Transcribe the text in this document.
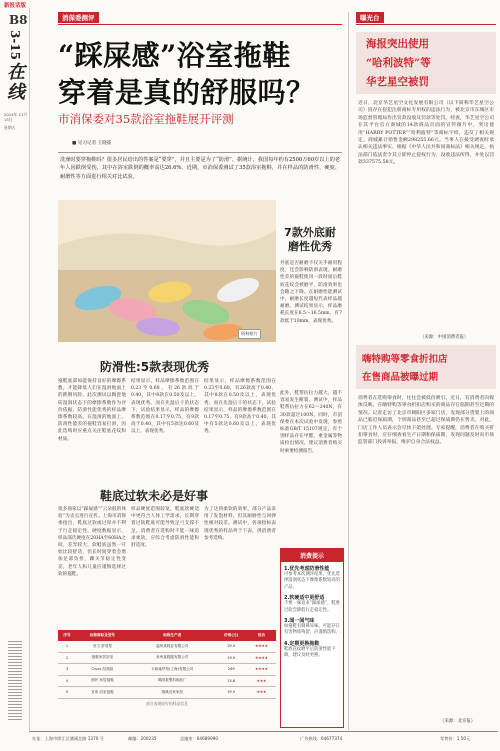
新报话版
B8
3-15
在线
2024年 11月15日
星期五
消保委测评
“踩屎感”浴室拖鞋
穿着是真的舒服吗？
市消保委对35款浴室拖鞋展开评测
■ 见习记者 王晓筱
洗澡时要穿拖鞋吗？很多居民给出的答案是“要穿”，并且主要是为了“防滑”。据统计，我国每年约有2500万60岁以上的老年人因跌倒受伤，其中在浴室跌倒的概率高达26.6%。近期，市消保委测试了35款浴室拖鞋，并在样品的防滑性、硬度、耐磨性等方面进行相关对比试验。
资料照片
防滑性:5款表现优秀
7款外底耐磨性优秀
外底是否耐磨不仅关乎耐用程度，还会影响防滑表现。耐磨性差的拖鞋使用一段时间后鞋底花纹会被磨平，防滑效果也会随之下降。在耐磨性能测试中，耐磨长度越短代表样品越耐磨。测试结果显示，样品磨耗长度在6.5～16.5mm，有7款低于10mm，表现优秀。
此外，鞋帮抗拉力越大，越不容易发生断裂。测试中，样品鞋帮抗拉力在62～240N，有30款超过100N。同时，市消保委在本次试验中发现，参照标准GB/T 15107规定，有个别样品存在甲醛、重金属等物质检出情况，建议消费者购买时索要检测报告。
拖鞋底部如能保持良好的摩擦系数，才能降低人们在湿滑地面上的跌倒风险。此次测试以陶瓷地砖湿润状态下的摩擦系数作为评价依据，防滑性能优秀的样品摩擦系数较高。在湿滑的地面上，防滑性能差的拖鞋容易打滑，因此选购时应重点关注鞋底花纹和材质。
结果显示，样品摩擦系数范围在0.23至0.60，有26款高于0.40，其中8款在0.50及以上，表现优秀。而在先湿后干的状态下，试验结果显示，样品的摩擦系数范围在0.17至0.75，有9款高于0.40，其中有5款达0.60及以上，表现优秀。
结果显示，样品摩擦系数范围在0.23至0.60，有26款高于0.40，其中8款在0.50及以上，表现优秀。而在先湿后干的状态下，试验结果显示，样品的摩擦系数范围在0.17至0.75，有9款高于0.40，其中有5款达0.60及以上，表现优秀。
鞋底过软未必是好事
很多商家以“踩屎感”“云朵般的体验”为卖点进行宣传。上海市消保委指出，鞋底过软或过厚并不利于行走稳定性。硬度数据显示，样品邵氏硬度在20HA至60HA之间，差异较大，软鞋底虽然一开始比较舒适，但长时间穿着会增加足部负担，踝关节稳定性变差，老年人和儿童应谨慎选择过软的拖鞋。
样品硬度范围较宽，鞋底软硬适中更符合人体工学需求，长期穿着过软鞋底可能导致足弓支撑不足。消费者在选购时不能一味追求柔软，应综合考虑防滑性能和舒适度。
为了达到柔软的效果，部分产品采用了发泡材料，但其耐磨性与回弹性相对较差。测试中，各项指标表现优秀的样品列于下表，供消费者参考选购。
消费提示
1.优先考虑防滑性能
可参考本次测评结果，优先选择湿润状态下摩擦系数较高的产品。
2.软硬适中更舒适
不要一味追求“踩屎感”，鞋底过软会降低行走稳定性。
3.闻一闻气味
如拖鞋有刺鼻异味，可能存在有害物质残留，应谨慎选购。
4.定期更换拖鞋
鞋底花纹磨平后防滑性能下降，建议及时更换。
序号	标称商标及型号	标称生产者	价格(元)	综合
1	回力 舒适型	温州某鞋业有限公司	29.9	★★★★
2	拖鞋家居浴室	泉州某鞋服有限公司	19.9	★★★★
3	Crocs 经典款	卡骆驰贸易(上海)有限公司	269	★★★★
4	朗莎 家居拖鞋	揭阳某塑料制品厂	15.8	★★★
5	宜家 浴室拖鞋	瑞典宜家家居	39.9	★★★
部分表现较好的样品信息
曝光台
海报突出使用
“哈利波特”等
华艺星空被罚
近日，北京华艺星空文化发展有限公司（以下简称华艺星空公司）因存在侵犯注册商标专用权的违法行为，被北京市东城区市场监督管理局作出罚款没收及罚款等处罚。经查，华艺星空公司在其平台官方商城的14款商品页面的宣传图片中，突出使用“HARRY POTTER”“哈利波特”等商标字样，违反了相关规定。商城累计销售金额298255.66元。当事人在接受调查时承认相关违法事实。根据《中华人民共和国商标法》相关规定，执法部门依法责令其立即停止侵权行为，没收违法所得，并处以罚款337575.58元。
（来源：中国消费者报）
嗨特购等零食折扣店
在售商品被曝过期
消费者在选购零食时，往往会被低价吸引。近日，有消费者向媒体反映，在嗨特购等零食折扣店购买的商品存在临期甚至过期的情况。记者走访了北京市朝阳区多家门店，发现部分货架上的商品已临近保质期，个别商品甚至已超过保质期仍在售卖。对此，门店工作人员表示会尽快下架处理。专家提醒，消费者在购买折扣零食时，应仔细查看生产日期和保质期，发现问题及时向市场监管部门投诉举报，维护自身合法权益。
（来源：北京报）
社址：上海市徐汇区漕溪北路 1370 号	邮编：200235	总编室：64689990	广告热线：64677374	零售价：1.50元
